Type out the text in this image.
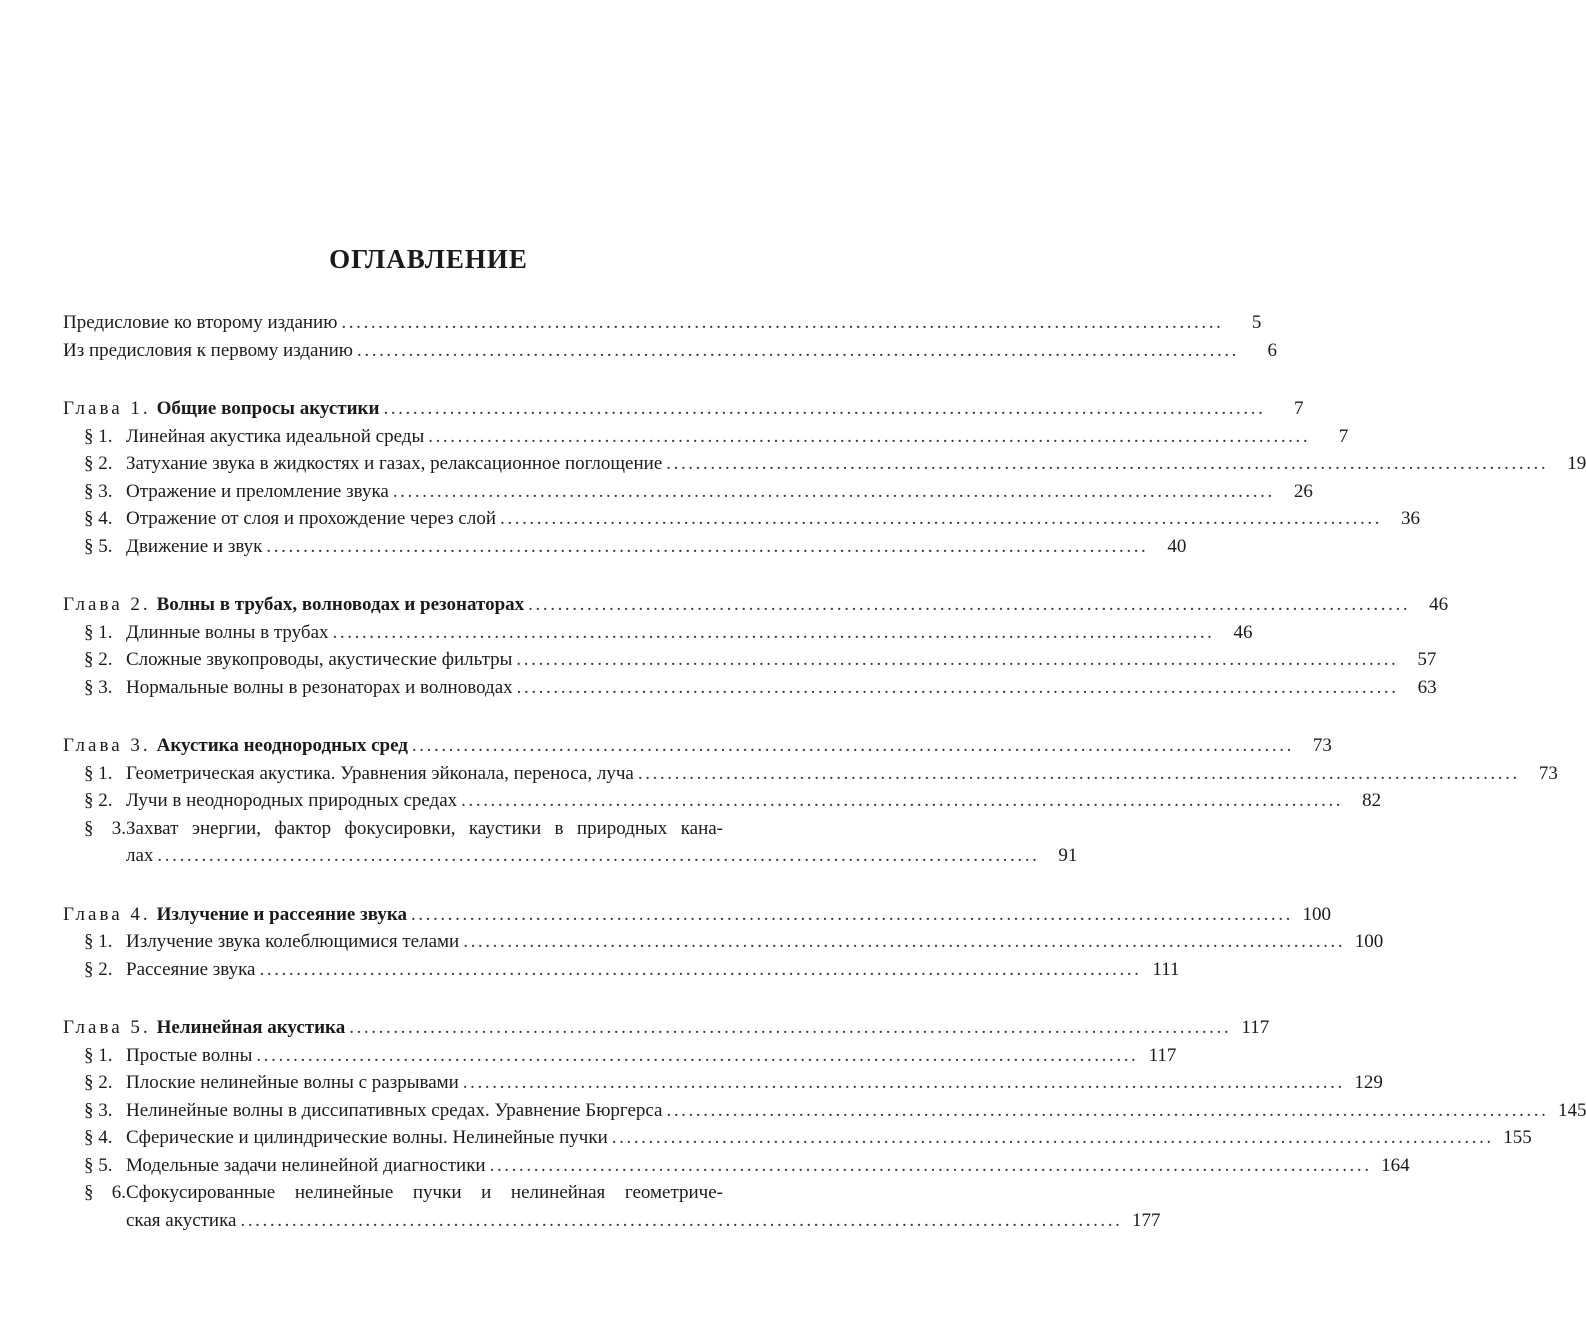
ОГЛАВЛЕНИЕ
Предисловие ко второму изданию ........................................................................................................................	5
Из предисловия к первому изданию ........................................................................................................................	6
Глава 1. Общие вопросы акустики ........................................................................................................................	7
§ 1. Линейная акустика идеальной среды ........................................................................................................................	7
§ 2. Затухание звука в жидкостях и газах, релаксационное поглощение ........................................................................................................................	19
§ 3. Отражение и преломление звука ........................................................................................................................	26
§ 4. Отражение от слоя и прохождение через слой ........................................................................................................................	36
§ 5. Движение и звук ........................................................................................................................	40
Глава 2. Волны в трубах, волноводах и резонаторах ........................................................................................................................	46
§ 1. Длинные волны в трубах ........................................................................................................................	46
§ 2. Сложные звукопроводы, акустические фильтры ........................................................................................................................	57
§ 3. Нормальные волны в резонаторах и волноводах ........................................................................................................................	63
Глава 3. Акустика неоднородных сред ........................................................................................................................	73
§ 1. Геометрическая акустика. Уравнения эйконала, переноса, луча ........................................................................................................................	73
§ 2. Лучи в неоднородных природных средах ........................................................................................................................	82
§ 3.Захват энергии, фактор фокусировки, каустики в природных кана-
лах ........................................................................................................................	91
Глава 4. Излучение и рассеяние звука ........................................................................................................................ 100
§ 1. Излучение звука колеблющимися телами ........................................................................................................................ 100
§ 2. Рассеяние звука ........................................................................................................................ 111
Глава 5. Нелинейная акустика ........................................................................................................................ 117
§ 1. Простые волны ........................................................................................................................ 117
§ 2. Плоские нелинейные волны с разрывами ........................................................................................................................ 129
§ 3. Нелинейные волны в диссипативных средах. Уравнение Бюргерса ........................................................................................................................ 145
§ 4. Сферические и цилиндрические волны. Нелинейные пучки ........................................................................................................................ 155
§ 5. Модельные задачи нелинейной диагностики ........................................................................................................................ 164
§ 6.Сфокусированные нелинейные пучки и нелинейная геометриче-
ская акустика ........................................................................................................................ 177
